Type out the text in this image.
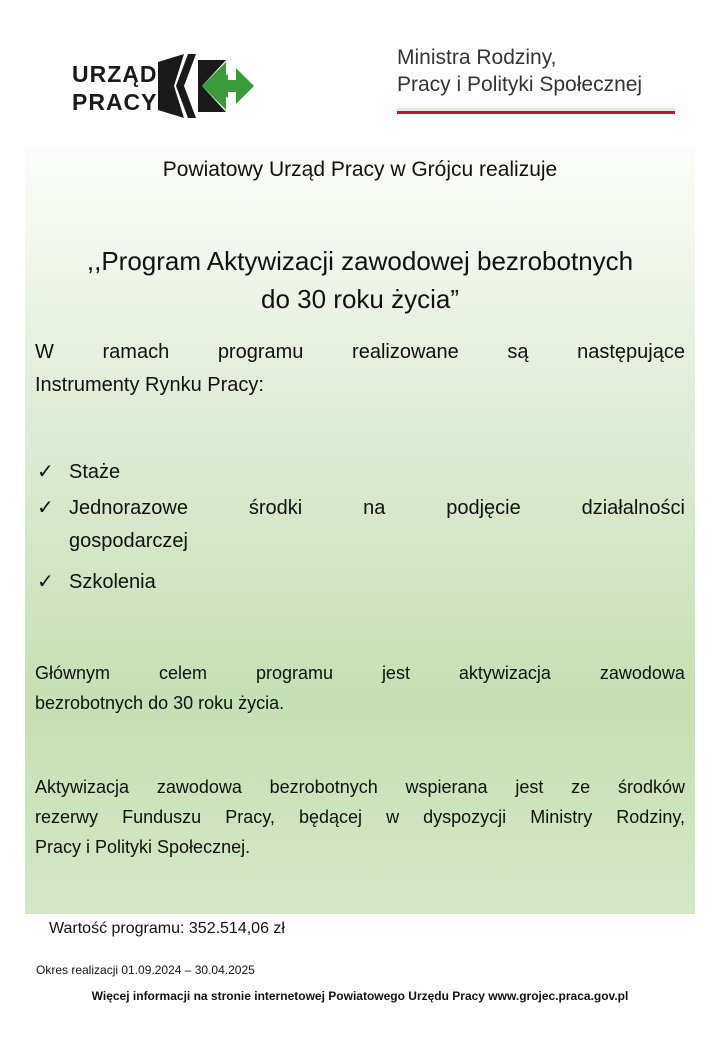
URZĄD
PRACY
Ministra Rodziny,
Pracy i Polityki Społecznej
Powiatowy Urząd Pracy w Grójcu realizuje
,,Program Aktywizacji zawodowej bezrobotnych
do 30 roku życia”
W ramach programu realizowane są następujące
Instrumenty Rynku Pracy:
✓ Staże
✓ Jednorazowe	środki	na	podjęcie	działalności
gospodarczej
✓ Szkolenia
Głównym	celem	programu	jest	aktywizacja	zawodowa
bezrobotnych do 30 roku życia.
Aktywizacja zawodowa bezrobotnych wspierana jest ze środków
rezerwy Funduszu Pracy, będącej w dyspozycji Ministry Rodziny,
Pracy i Polityki Społecznej.
Wartość programu: 352.514,06 zł
Okres realizacji 01.09.2024 – 30.04.2025
Więcej informacji na stronie internetowej Powiatowego Urzędu Pracy www.grojec.praca.gov.pl
